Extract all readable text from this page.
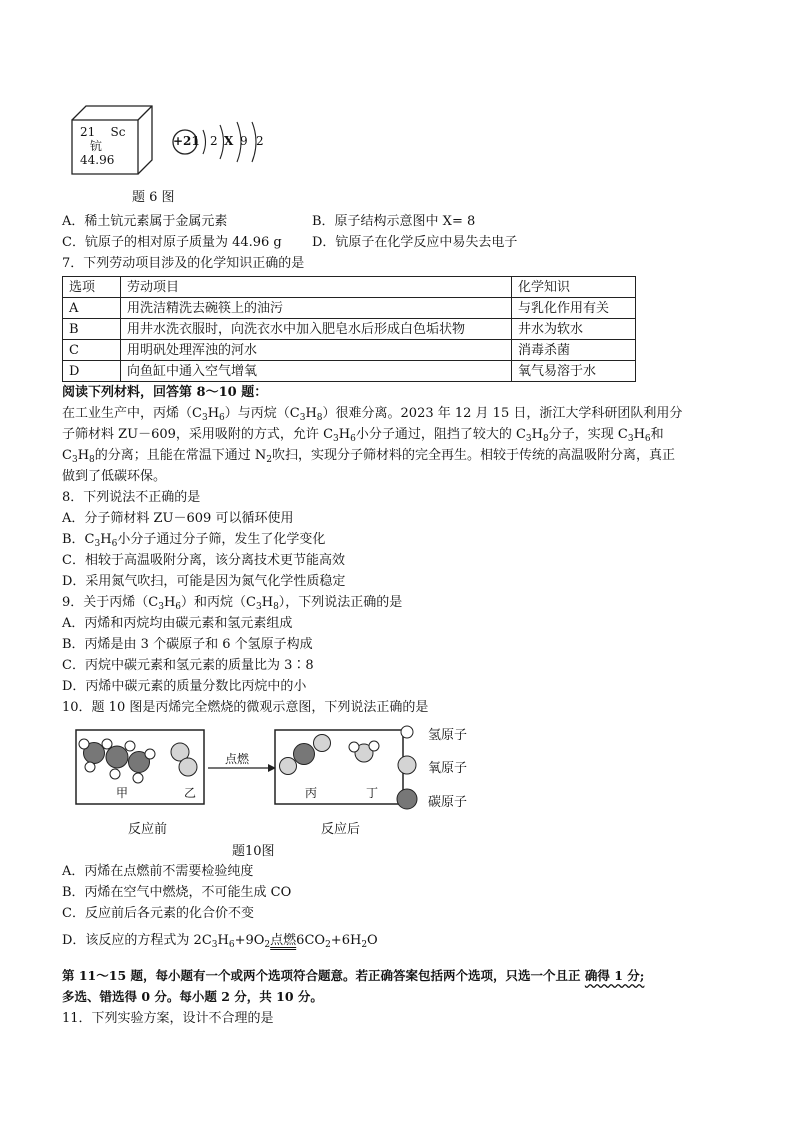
21 Sc
钪
44.96
+21 2 X 9 2
题 6 图
A．稀土钪元素属于金属元素	B．原子结构示意图中 X= 8
C．钪原子的相对原子质量为 44.96 g D．钪原子在化学反应中易失去电子
7．下列劳动项目涉及的化学知识正确的是
选项	劳动项目	化学知识
A	用洗洁精洗去碗筷上的油污	与乳化作用有关
B	用井水洗衣服时，向洗衣水中加入肥皂水后形成白色垢状物	井水为软水
C	用明矾处理浑浊的河水	消毒杀菌
D	向鱼缸中通入空气增氧	氧气易溶于水
阅读下列材料，回答第 8～10 题：
在工业生产中，丙烯$(C_3H_6)$与丙烷$(C_3H_8)$很难分离。2023 年 12 月 15 日，浙江大学科研团队利用分
子筛材料 ZU－609，采用吸附的方式，允许 $C_3H_6$小分子通过，阻挡了较大的 $C_3H_8$分子，实现 $C_3H_6$和
$C_3H_8$的分离；且能在常温下通过 $N_2$吹扫，实现分子筛材料的完全再生。相较于传统的高温吸附分离，真正
做到了低碳环保。
8．下列说法不正确的是
A．分子筛材料 ZU－609 可以循环使用
B．$C_3H_6$小分子通过分子筛，发生了化学变化
C．相较于高温吸附分离，该分离技术更节能高效
D．采用氮气吹扫，可能是因为氮气化学性质稳定
9．关于丙烯$(C_3H_6)$和丙烷$(C_3H_8)$，下列说法正确的是
A．丙烯和丙烷均由碳元素和氢元素组成
B．丙烯是由 3 个碳原子和 6 个氢原子构成
C．丙烷中碳元素和氢元素的质量比为 3∶8
D．丙烯中碳元素的质量分数比丙烷中的小
10．题 10 图是丙烯完全燃烧的微观示意图，下列说法正确的是
甲	乙
点燃
丙	丁
氢原子
氧原子
碳原子
反应前	反应后
题10图
A．丙烯在点燃前不需要检验纯度
B．丙烯在空气中燃烧，不可能生成 CO
C．反应前后各元素的化合价不变
D．该反应的方程式为 $2C_3H_6+9O_2$点燃$6CO_2+6H_2O$
第 11～15 题，每小题有一个或两个选项符合题意。若正确答案包括两个选项，只选一个且正 确得 1 分;
多选、错选得 0 分。每小题 2 分，共 10 分。
11．下列实验方案，设计不合理的是
